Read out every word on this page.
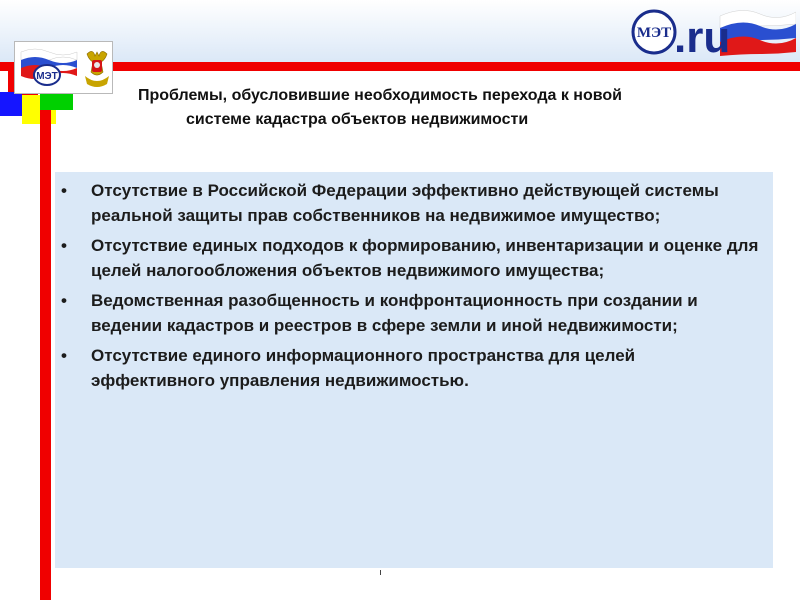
МЭТ
Проблемы, обусловившие необходимость перехода к новой
системе кадастра объектов недвижимости
МЭТ .ru
• Отсутствие в Российской Федерации эффективно действующей системы реальной защиты прав собственников на недвижимое имущество;
• Отсутствие единых подходов к формированию, инвентаризации и оценке для целей налогообложения объектов недвижимого имущества;
• Ведомственная разобщенность и конфронтационность при создании и ведении кадастров и реестров в сфере земли и иной недвижимости;
• Отсутствие единого информационного пространства для целей эффективного управления недвижимостью.
